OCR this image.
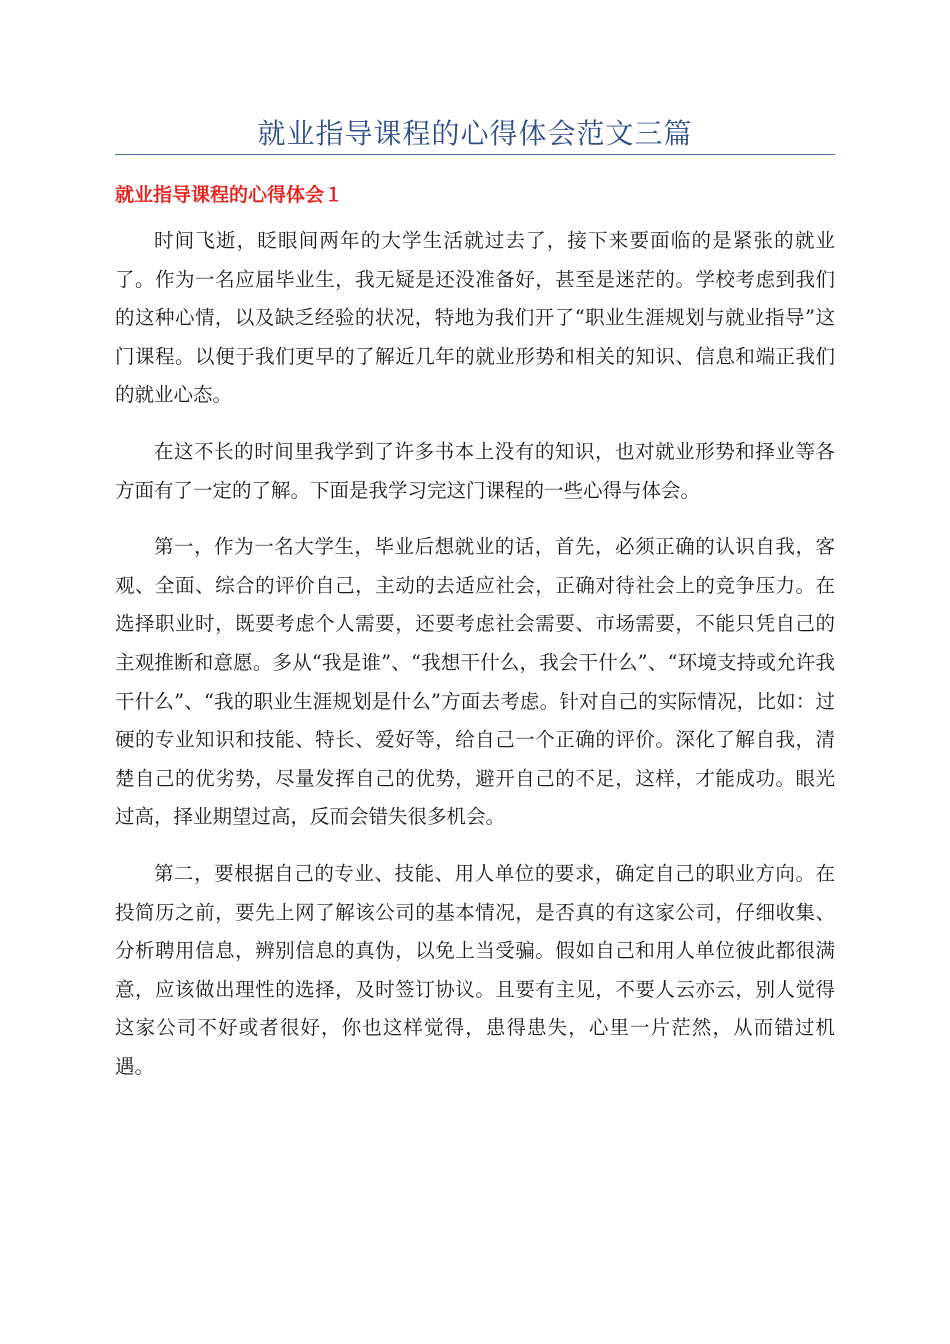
就业指导课程的心得体会范文三篇
就业指导课程的心得体会１

时间飞逝，眨眼间两年的大学生活就过去了，接下来要面临的是紧张的就业了。作为一名应届毕业生，我无疑是还没准备好，甚至是迷茫的。学校考虑到我们的这种心情，以及缺乏经验的状况，特地为我们开了“职业生涯规划与就业指导”这门课程。以便于我们更早的了解近几年的就业形势和相关的知识、信息和端正我们的就业心态。

在这不长的时间里我学到了许多书本上没有的知识，也对就业形势和择业等各方面有了一定的了解。下面是我学习完这门课程的一些心得与体会。

第一，作为一名大学生，毕业后想就业的话，首先，必须正确的认识自我，客观、全面、综合的评价自己，主动的去适应社会，正确对待社会上的竞争压力。在选择职业时，既要考虑个人需要，还要考虑社会需要、市场需要，不能只凭自己的主观推断和意愿。多从“我是谁”、“我想干什么，我会干什么”、“环境支持或允许我干什么”、“我的职业生涯规划是什么”方面去考虑。针对自己的实际情况，比如：过硬的专业知识和技能、特长、爱好等，给自己一个正确的评价。深化了解自我，清楚自己的优劣势，尽量发挥自己的优势，避开自己的不足，这样，才能成功。眼光过高，择业期望过高，反而会错失很多机会。

第二，要根据自己的专业、技能、用人单位的要求，确定自己的职业方向。在投简历之前，要先上网了解该公司的基本情况，是否真的有这家公司，仔细收集、分析聘用信息，辨别信息的真伪，以免上当受骗。假如自己和用人单位彼此都很满意，应该做出理性的选择，及时签订协议。且要有主见，不要人云亦云，别人觉得这家公司不好或者很好，你也这样觉得，患得患失，心里一片茫然，从而错过机遇。
